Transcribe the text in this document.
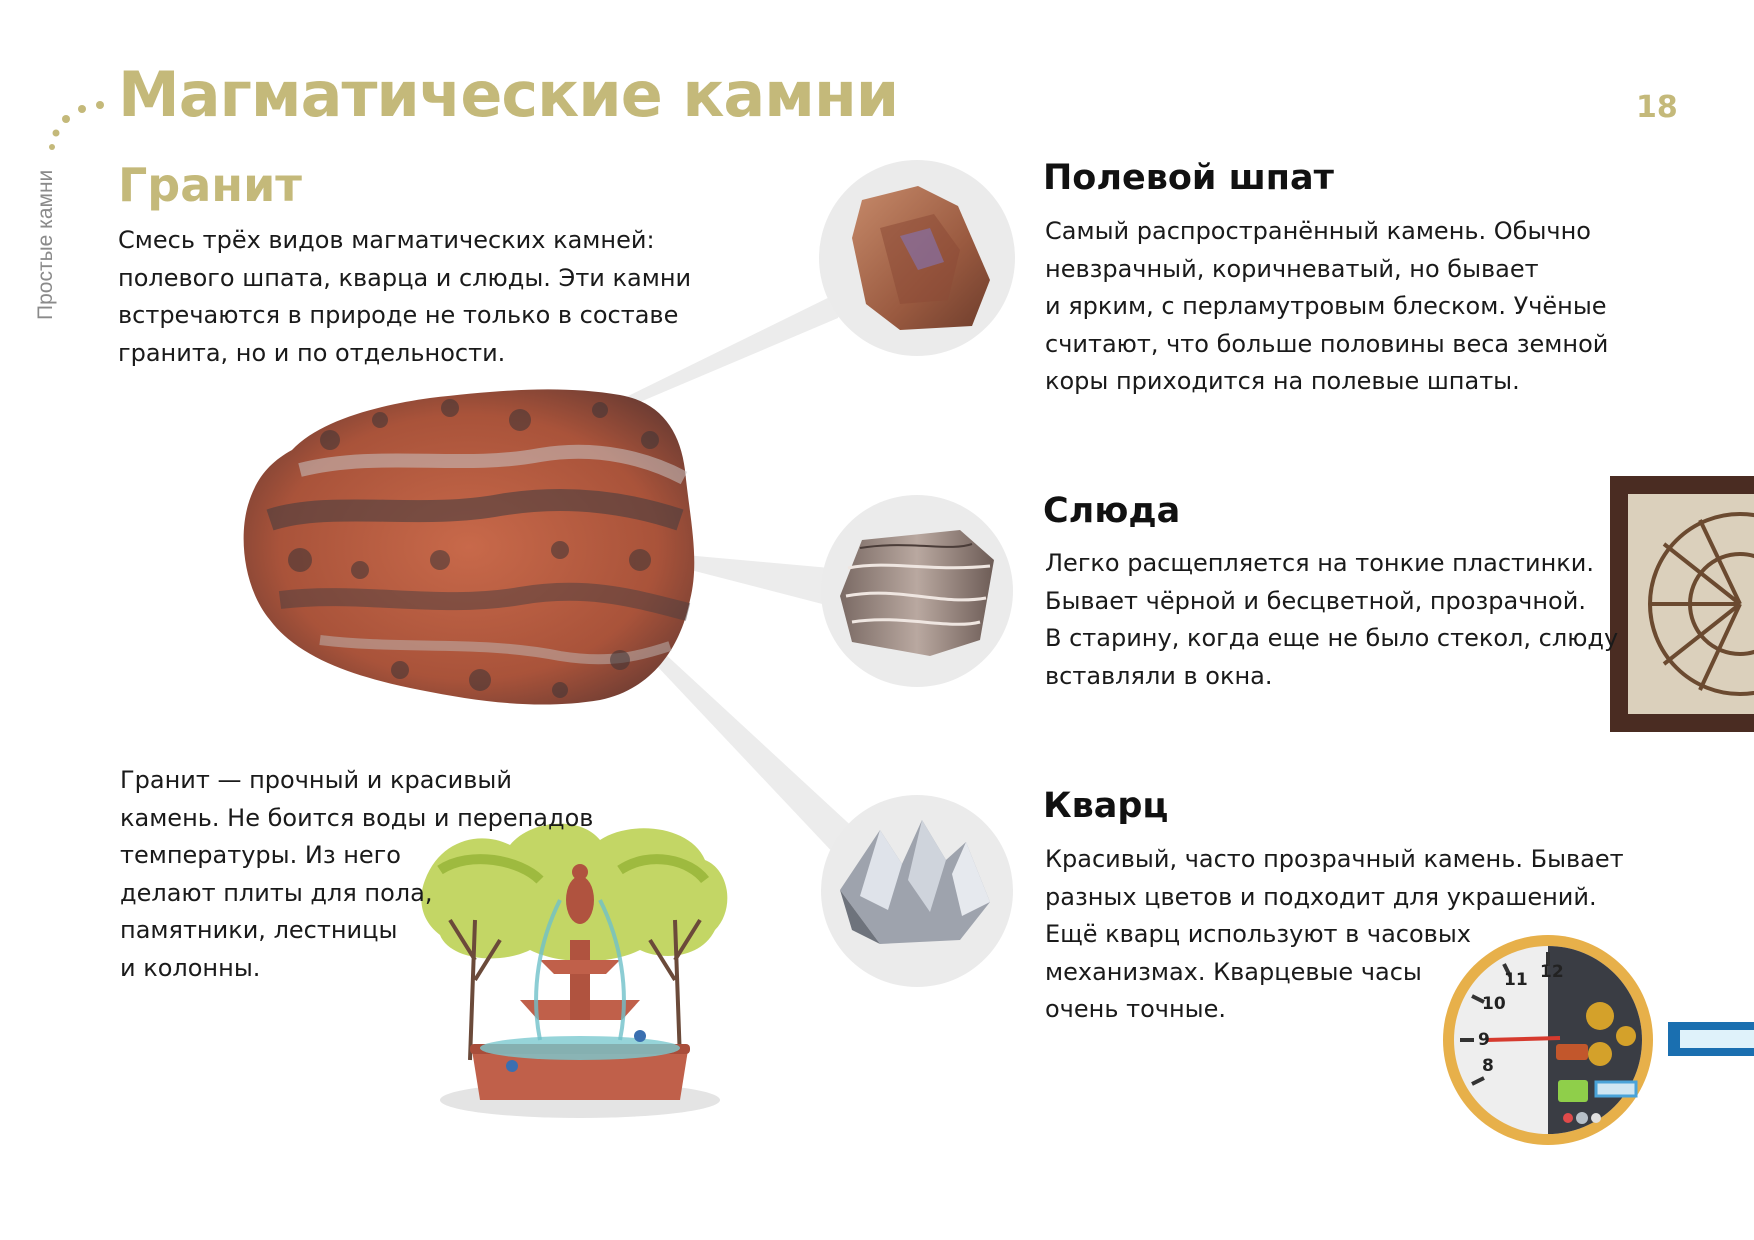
Магматические камни	18
Простые камни Гранит

Смесь трёх видов магматических камней:
полевого шпата, кварца и слюды. Эти камни
встречаются в природе не только в составе
гранита, но и по отдельности.

Гранит — прочный и красивый
камень. Не боится воды и перепадов
температуры. Из него
делают плиты для пола,
памятники, лестницы
и колонны.

Полевой шпат

Самый распространённый камень. Обычно
невзрачный, коричневатый, но бывает
и ярким, с перламутровым блеском. Учёные
считают, что больше половины веса земной
коры приходится на полевые шпаты.

Слюда

Легко расщепляется на тонкие пластинки.
Бывает чёрной и бесцветной, прозрачной.
В старину, когда еще не было стекол, слюду
вставляли в окна.

Кварц

Красивый, часто прозрачный камень. Бывает
разных цветов и подходит для украшений.
Ещё кварц используют в часовых
механизмах. Кварцевые часы
очень точные.

11 12
10
9
8
